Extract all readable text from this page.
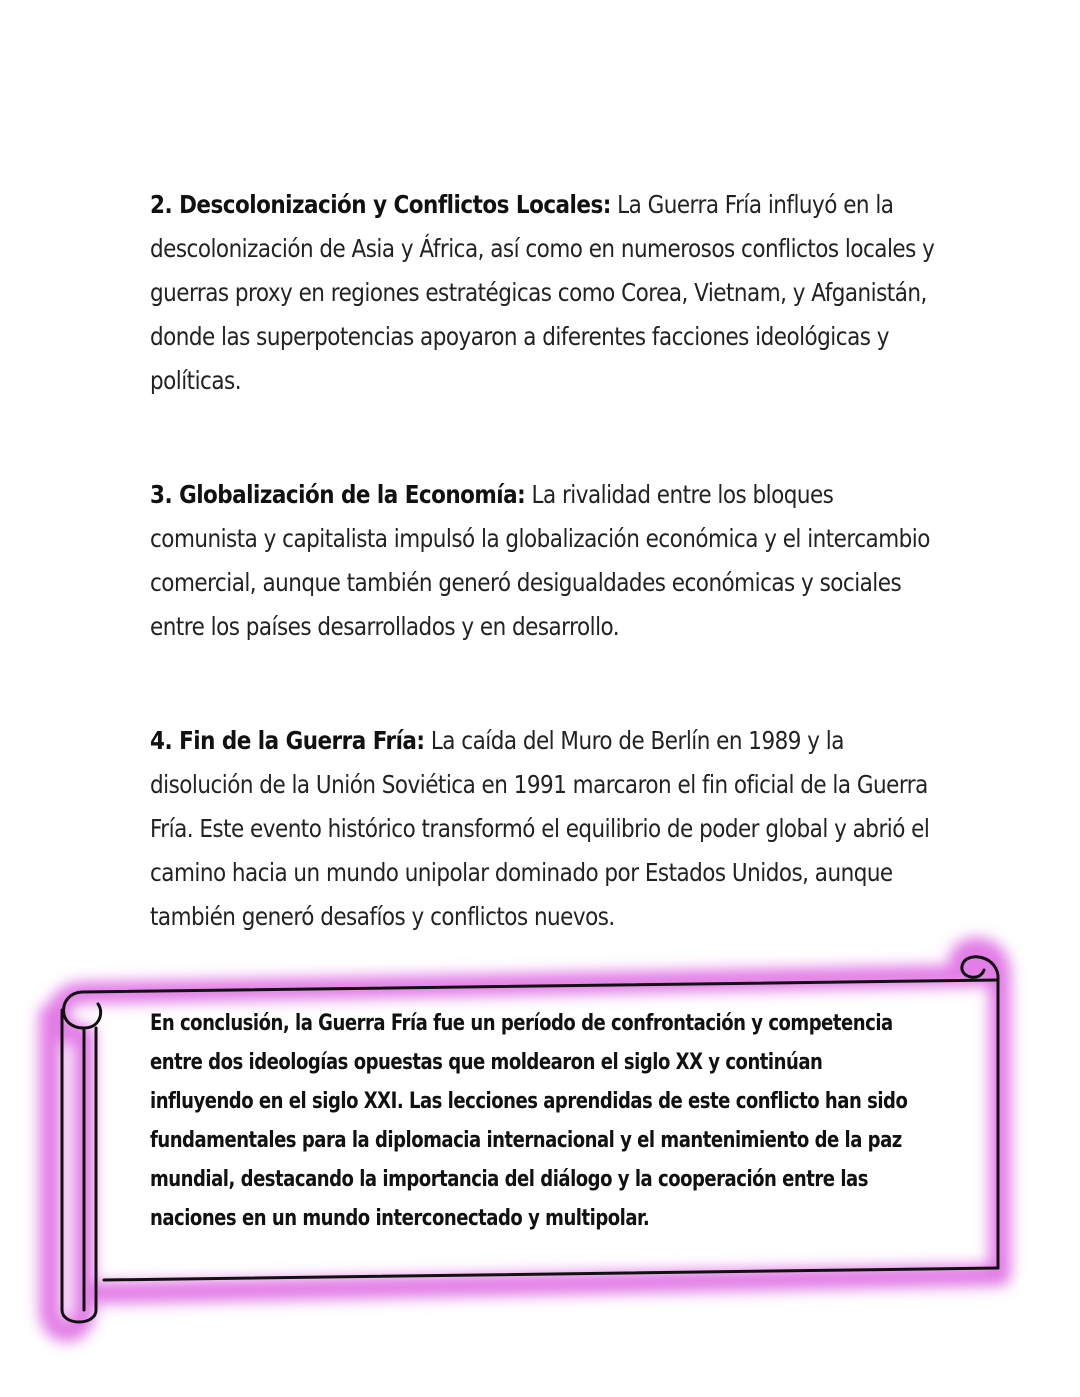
2. Descolonización y Conflictos Locales: La Guerra Fría influyó en la descolonización de Asia y África, así como en numerosos conflictos locales y guerras proxy en regiones estratégicas como Corea, Vietnam, y Afganistán, donde las superpotencias apoyaron a diferentes facciones ideológicas y políticas.
3. Globalización de la Economía: La rivalidad entre los bloques comunista y capitalista impulsó la globalización económica y el intercambio comercial, aunque también generó desigualdades económicas y sociales entre los países desarrollados y en desarrollo.
4. Fin de la Guerra Fría: La caída del Muro de Berlín en 1989 y la disolución de la Unión Soviética en 1991 marcaron el fin oficial de la Guerra Fría. Este evento histórico transformó el equilibrio de poder global y abrió el camino hacia un mundo unipolar dominado por Estados Unidos, aunque también generó desafíos y conflictos nuevos.
En conclusión, la Guerra Fría fue un período de confrontación y competencia entre dos ideologías opuestas que moldearon el siglo XX y continúan influyendo en el siglo XXI. Las lecciones aprendidas de este conflicto han sido fundamentales para la diplomacia internacional y el mantenimiento de la paz mundial, destacando la importancia del diálogo y la cooperación entre las naciones en un mundo interconectado y multipolar.
